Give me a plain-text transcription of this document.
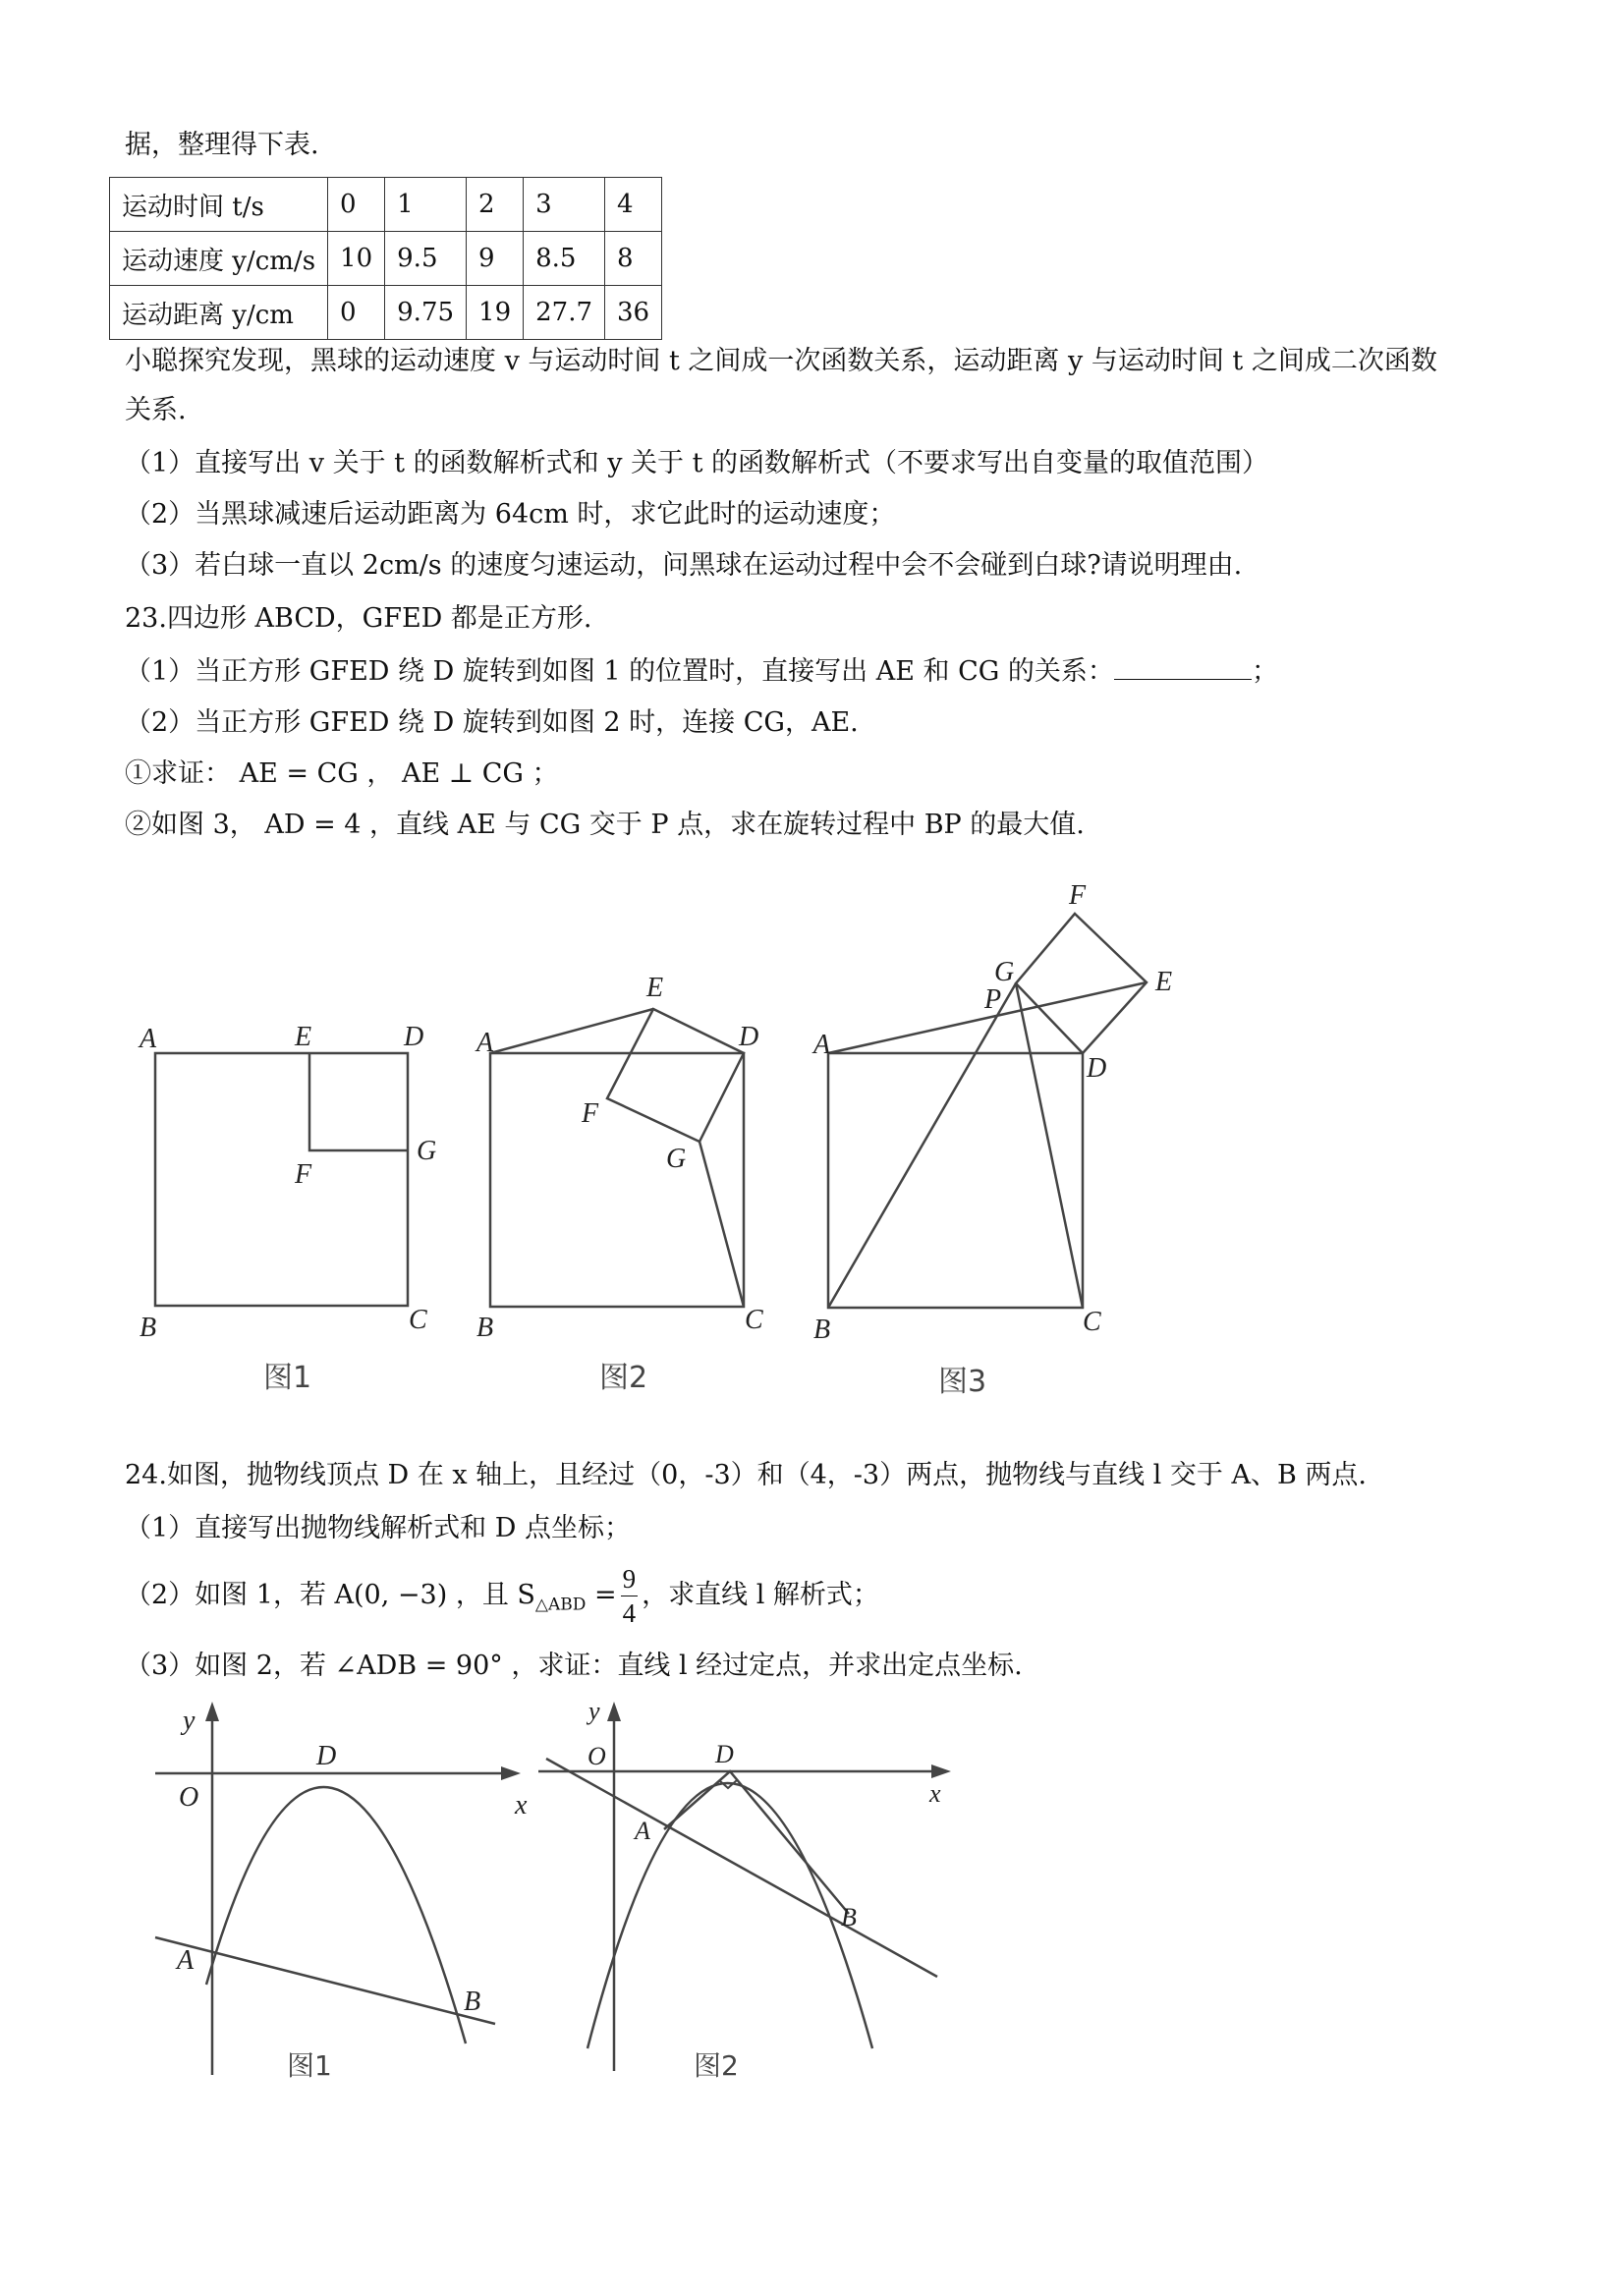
据，整理得下表.
运动时间 t/s	0	1	2	3	4
运动速度 y/cm/s	10	9.5	9	8.5	8
运动距离 y/cm	0	9.75	19	27.7	36
小聪探究发现，黑球的运动速度 v 与运动时间 t 之间成一次函数关系，运动距离 y 与运动时间 t 之间成二次函数
关系.
（1）直接写出 v 关于 t 的函数解析式和 y 关于 t 的函数解析式（不要求写出自变量的取值范围）
（2）当黑球减速后运动距离为 64cm 时，求它此时的运动速度；
（3）若白球一直以 2cm/s 的速度匀速运动，问黑球在运动过程中会不会碰到白球?请说明理由.
23.四边形 ABCD，GFED 都是正方形.
（1）当正方形 GFED 绕 D 旋转到如图 1 的位置时，直接写出 AE 和 CG 的关系：	；
（2）当正方形 GFED 绕 D 旋转到如图 2 时，连接 CG，AE.
①求证： AE = CG ， AE ⊥ CG ；
②如图 3， AD = 4 ，直线 AE 与 CG 交于 P 点，求在旋转过程中 BP 的最大值.
A	E	D
G
F
B	C
图1
A
E
D
F
G
B	C
图2
F
G	E
P
A
D
B	C
图3
24.如图，抛物线顶点 D 在 x 轴上，且经过（0，-3）和（4，-3）两点，抛物线与直线 l 交于 A、B 两点.
（1）直接写出抛物线解析式和 D 点坐标；
（2）如图 1，若 A(0, −3) ，且 $S_{\triangle ABD} = \frac{9}{4}$ ，求直线 l 解析式；
（3）如图 2，若 ∠ADB = 90° ，求证：直线 l 经过定点，并求出定点坐标.
y
D
O	x
A
B
图1
y
O	D
x
A
B
图2
